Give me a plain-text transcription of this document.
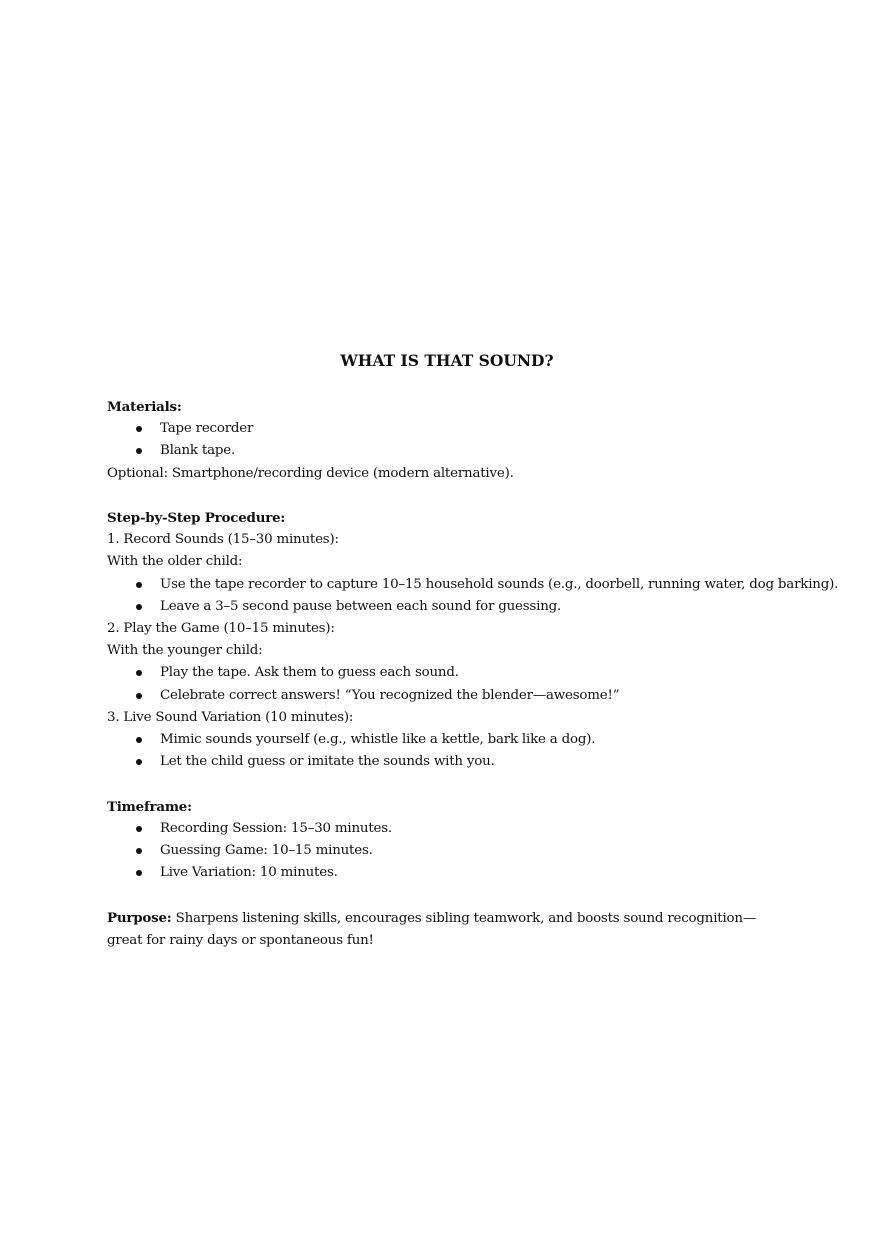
WHAT IS THAT SOUND?

Materials:

Tape recorder
Blank tape.

Optional: Smartphone/recording device (modern alternative).

Step-by-Step Procedure:

1. Record Sounds (15–30 minutes):

With the older child:

Use the tape recorder to capture 10–15 household sounds (e.g., doorbell, running water, dog barking).
Leave a 3–5 second pause between each sound for guessing.

2. Play the Game (10–15 minutes):

With the younger child:

Play the tape. Ask them to guess each sound.
Celebrate correct answers! “You recognized the blender—awesome!”

3. Live Sound Variation (10 minutes):

Mimic sounds yourself (e.g., whistle like a kettle, bark like a dog).
Let the child guess or imitate the sounds with you.

Timeframe:

Recording Session: 15–30 minutes.
Guessing Game: 10–15 minutes.
Live Variation: 10 minutes.

Purpose: Sharpens listening skills, encourages sibling teamwork, and boosts sound recognition—great for rainy days or spontaneous fun!
